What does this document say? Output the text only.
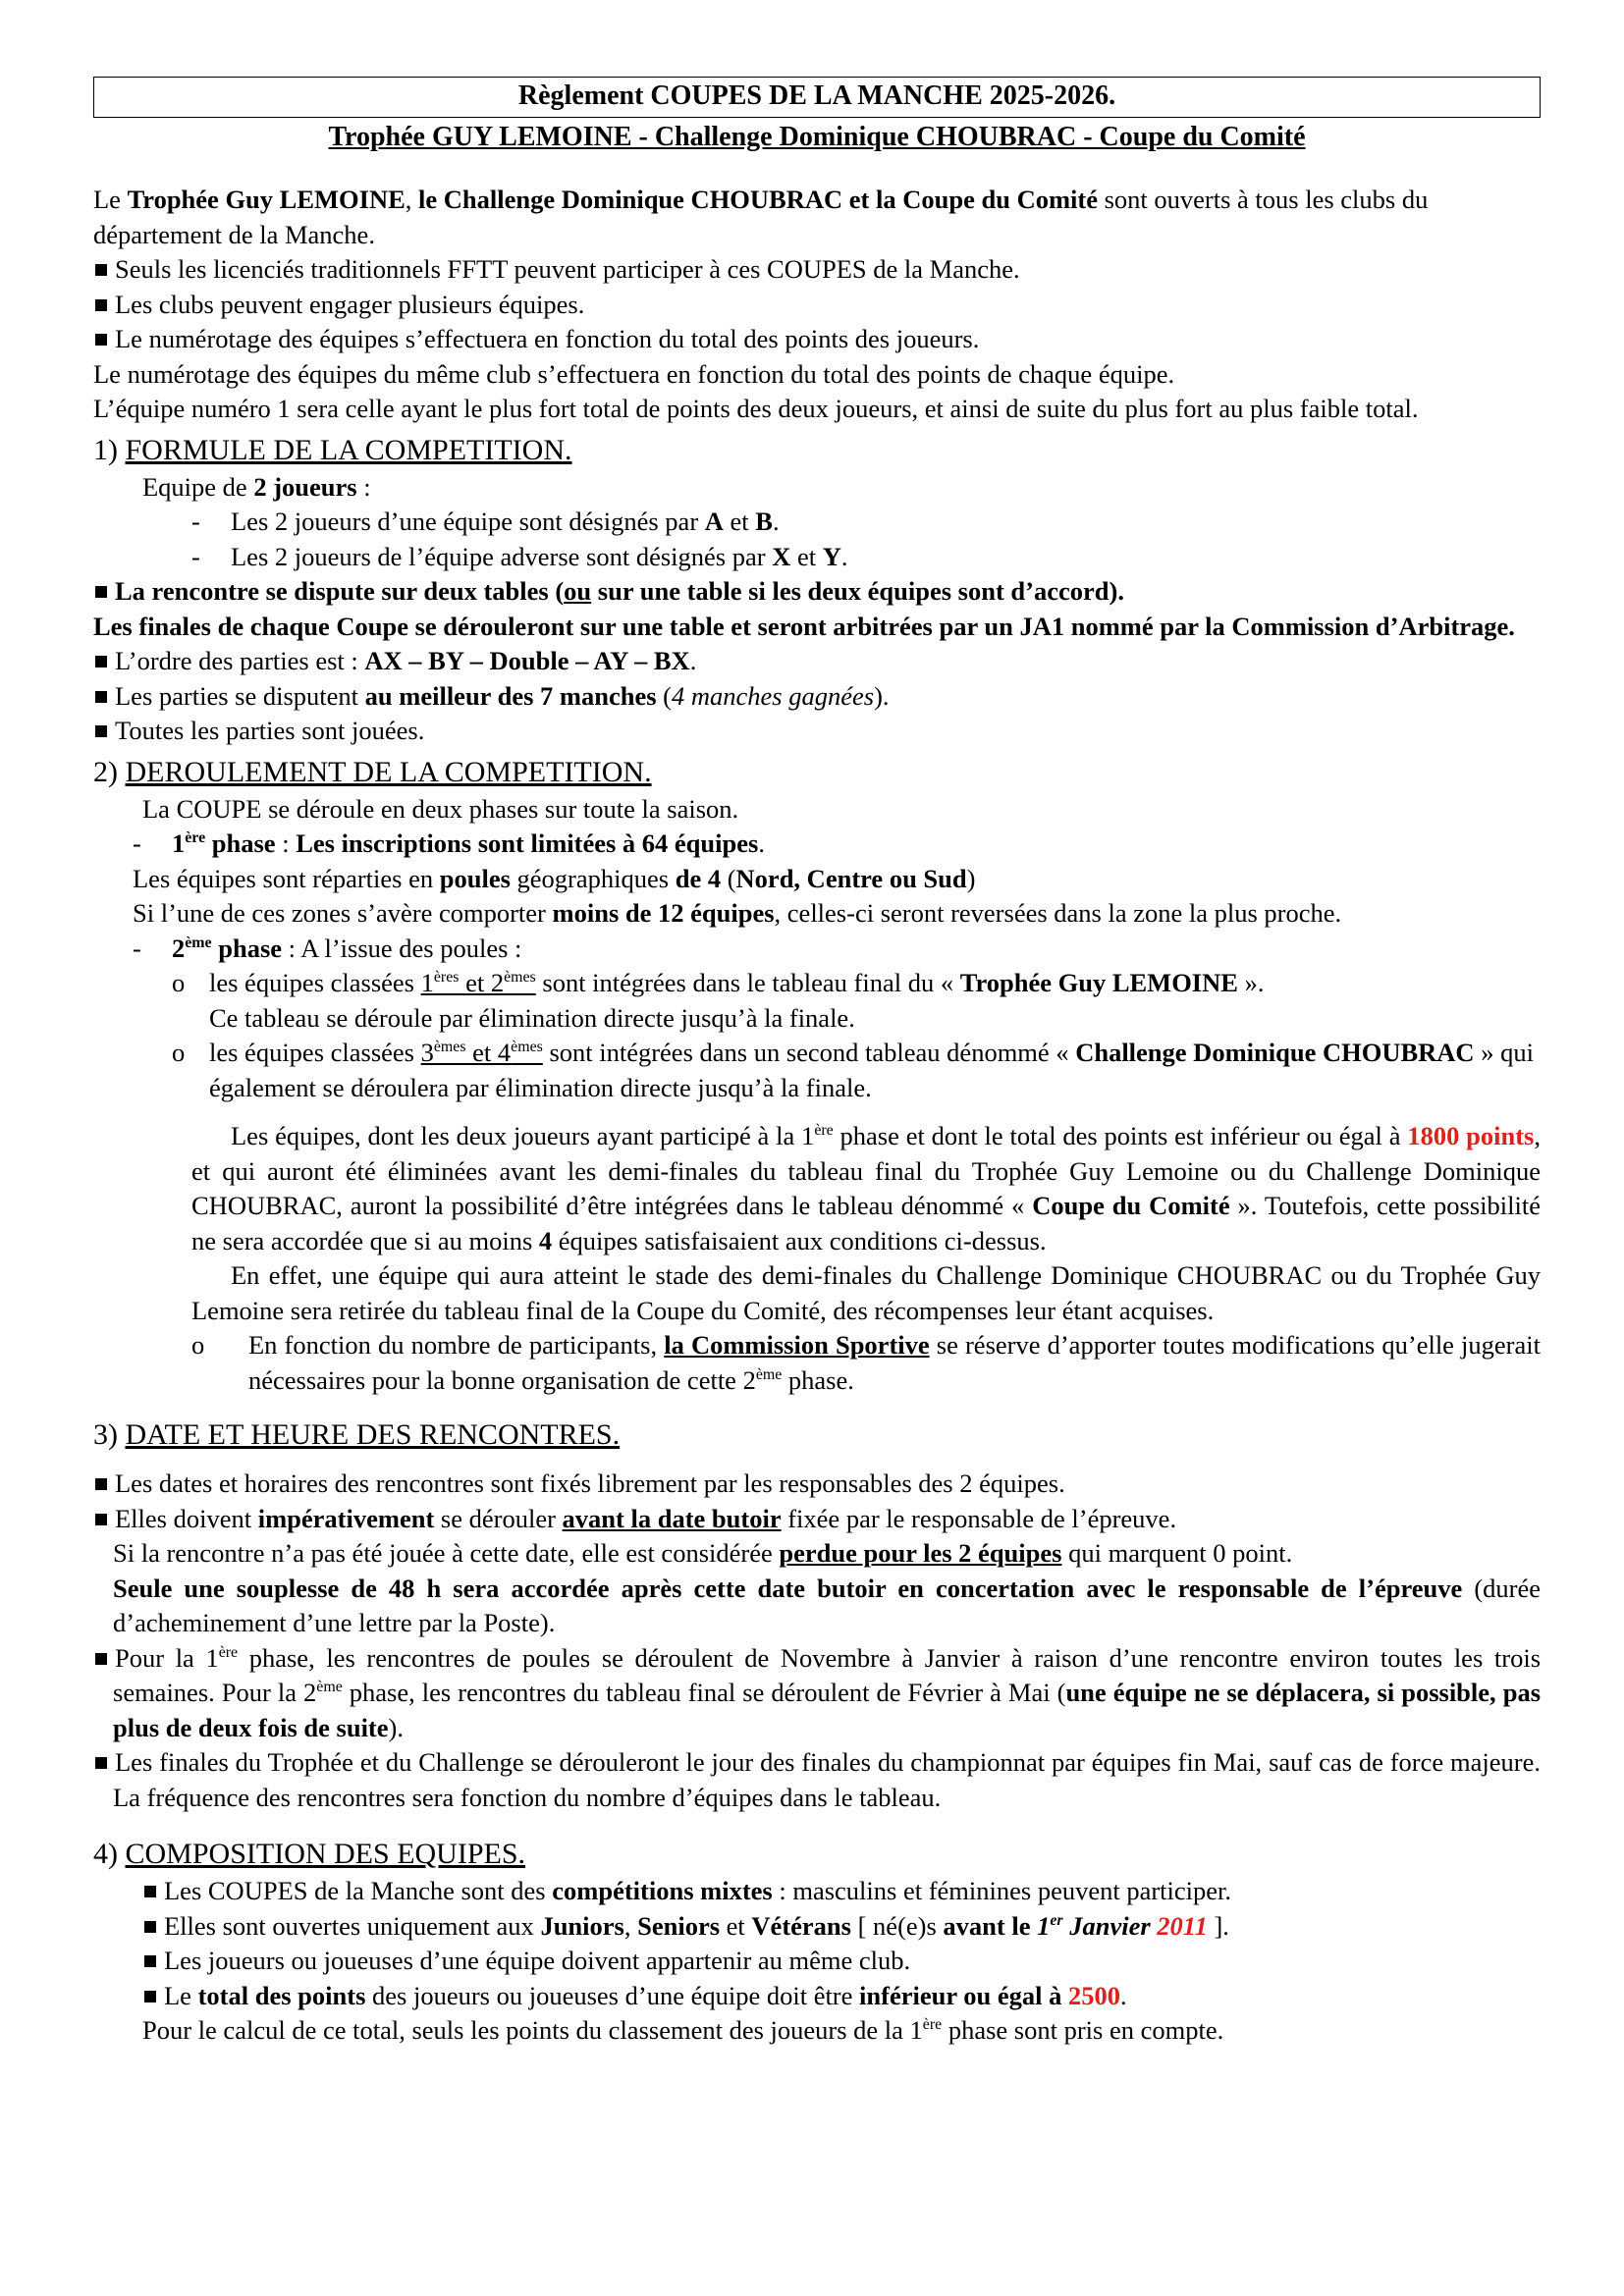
Règlement COUPES DE LA MANCHE 2025-2026.
Trophée GUY LEMOINE - Challenge Dominique CHOUBRAC - Coupe du Comité

Le Trophée Guy LEMOINE, le Challenge Dominique CHOUBRAC et la Coupe du Comité sont ouverts à tous les clubs du département de la Manche.

Seuls les licenciés traditionnels FFTT peuvent participer à ces COUPES de la Manche.

Les clubs peuvent engager plusieurs équipes.

Le numérotage des équipes s’effectuera en fonction du total des points des joueurs.

Le numérotage des équipes du même club s’effectuera en fonction du total des points de chaque équipe.

L’équipe numéro 1 sera celle ayant le plus fort total de points des deux joueurs, et ainsi de suite du plus fort au plus faible total.

1) FORMULE DE LA COMPETITION.

Equipe de 2 joueurs :

- Les 2 joueurs d’une équipe sont désignés par A et B.

- Les 2 joueurs de l’équipe adverse sont désignés par X et Y.

La rencontre se dispute sur deux tables (ou sur une table si les deux équipes sont d’accord).

Les finales de chaque Coupe se dérouleront sur une table et seront arbitrées par un JA1 nommé par la Commission d’Arbitrage.

L’ordre des parties est : AX – BY – Double – AY – BX.

Les parties se disputent au meilleur des 7 manches (4 manches gagnées).

Toutes les parties sont jouées.

2) DEROULEMENT DE LA COMPETITION.

La COUPE se déroule en deux phases sur toute la saison.

- 1ère phase : Les inscriptions sont limitées à 64 équipes.

Les équipes sont réparties en poules géographiques de 4 (Nord, Centre ou Sud)

Si l’une de ces zones s’avère comporter moins de 12 équipes, celles-ci seront reversées dans la zone la plus proche.

- 2ème phase : A l’issue des poules :

o les équipes classées 1ères et 2èmes sont intégrées dans le tableau final du « Trophée Guy LEMOINE ».

Ce tableau se déroule par élimination directe jusqu’à la finale.

o les équipes classées 3èmes et 4èmes sont intégrées dans un second tableau dénommé « Challenge Dominique CHOUBRAC » qui également se déroulera par élimination directe jusqu’à la finale.

Les équipes, dont les deux joueurs ayant participé à la 1ère phase et dont le total des points est inférieur ou égal à 1800 points, et qui auront été éliminées avant les demi-finales du tableau final du Trophée Guy Lemoine ou du Challenge Dominique CHOUBRAC, auront la possibilité d’être intégrées dans le tableau dénommé « Coupe du Comité ». Toutefois, cette possibilité ne sera accordée que si au moins 4 équipes satisfaisaient aux conditions ci-dessus.

En effet, une équipe qui aura atteint le stade des demi-finales du Challenge Dominique CHOUBRAC ou du Trophée Guy Lemoine sera retirée du tableau final de la Coupe du Comité, des récompenses leur étant acquises.

o En fonction du nombre de participants, la Commission Sportive se réserve d’apporter toutes modifications qu’elle jugerait nécessaires pour la bonne organisation de cette 2ème phase.

3) DATE ET HEURE DES RENCONTRES.

Les dates et horaires des rencontres sont fixés librement par les responsables des 2 équipes.

Elles doivent impérativement se dérouler avant la date butoir fixée par le responsable de l’épreuve.

Si la rencontre n’a pas été jouée à cette date, elle est considérée perdue pour les 2 équipes qui marquent 0 point.

Seule une souplesse de 48 h sera accordée après cette date butoir en concertation avec le responsable de l’épreuve (durée d’acheminement d’une lettre par la Poste).

Pour la 1ère phase, les rencontres de poules se déroulent de Novembre à Janvier à raison d’une rencontre environ toutes les trois semaines. Pour la 2ème phase, les rencontres du tableau final se déroulent de Février à Mai (une équipe ne se déplacera, si possible, pas plus de deux fois de suite).

Les finales du Trophée et du Challenge se dérouleront le jour des finales du championnat par équipes fin Mai, sauf cas de force majeure. La fréquence des rencontres sera fonction du nombre d’équipes dans le tableau.

4) COMPOSITION DES EQUIPES.

Les COUPES de la Manche sont des compétitions mixtes : masculins et féminines peuvent participer.

Elles sont ouvertes uniquement aux Juniors, Seniors et Vétérans [ né(e)s avant le 1er Janvier 2011 ].

Les joueurs ou joueuses d’une équipe doivent appartenir au même club.

Le total des points des joueurs ou joueuses d’une équipe doit être inférieur ou égal à 2500.

Pour le calcul de ce total, seuls les points du classement des joueurs de la 1ère phase sont pris en compte.
